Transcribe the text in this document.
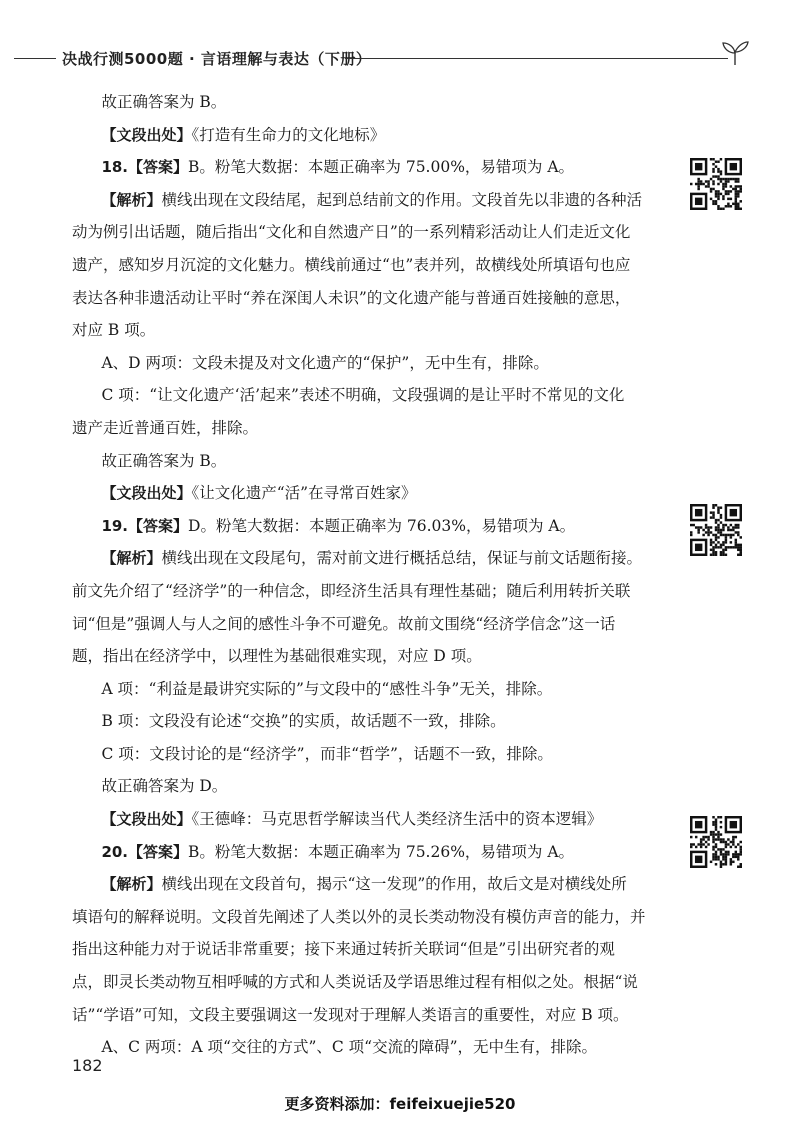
决战行测5000题 · 言语理解与表达（下册）

故正确答案为 B。

【文段出处】《打造有生命力的文化地标》

18.【答案】B。粉笔大数据：本题正确率为 75.00%，易错项为 A。

【解析】横线出现在文段结尾，起到总结前文的作用。文段首先以非遗的各种活

动为例引出话题，随后指出“文化和自然遗产日”的一系列精彩活动让人们走近文化

遗产，感知岁月沉淀的文化魅力。横线前通过“也”表并列，故横线处所填语句也应

表达各种非遗活动让平时“养在深闺人未识”的文化遗产能与普通百姓接触的意思，

对应 B 项。

A、D 两项：文段未提及对文化遗产的“保护”，无中生有，排除。

C 项：“让文化遗产‘活’起来”表述不明确，文段强调的是让平时不常见的文化

遗产走近普通百姓，排除。

故正确答案为 B。

【文段出处】《让文化遗产“活”在寻常百姓家》

19.【答案】D。粉笔大数据：本题正确率为 76.03%，易错项为 A。

【解析】横线出现在文段尾句，需对前文进行概括总结，保证与前文话题衔接。

前文先介绍了“经济学”的一种信念，即经济生活具有理性基础；随后利用转折关联

词“但是”强调人与人之间的感性斗争不可避免。故前文围绕“经济学信念”这一话

题，指出在经济学中，以理性为基础很难实现，对应 D 项。

A 项：“利益是最讲究实际的”与文段中的“感性斗争”无关，排除。

B 项：文段没有论述“交换”的实质，故话题不一致，排除。

C 项：文段讨论的是“经济学”，而非“哲学”，话题不一致，排除。

故正确答案为 D。

【文段出处】《王德峰：马克思哲学解读当代人类经济生活中的资本逻辑》

20.【答案】B。粉笔大数据：本题正确率为 75.26%，易错项为 A。

【解析】横线出现在文段首句，揭示“这一发现”的作用，故后文是对横线处所

填语句的解释说明。文段首先阐述了人类以外的灵长类动物没有模仿声音的能力，并

指出这种能力对于说话非常重要；接下来通过转折关联词“但是”引出研究者的观

点，即灵长类动物互相呼喊的方式和人类说话及学语思维过程有相似之处。根据“说

话”“学语”可知，文段主要强调这一发现对于理解人类语言的重要性，对应 B 项。

A、C 两项：A 项“交往的方式”、C 项“交流的障碍”，无中生有，排除。

182
更多资料添加：feifeixuejie520
